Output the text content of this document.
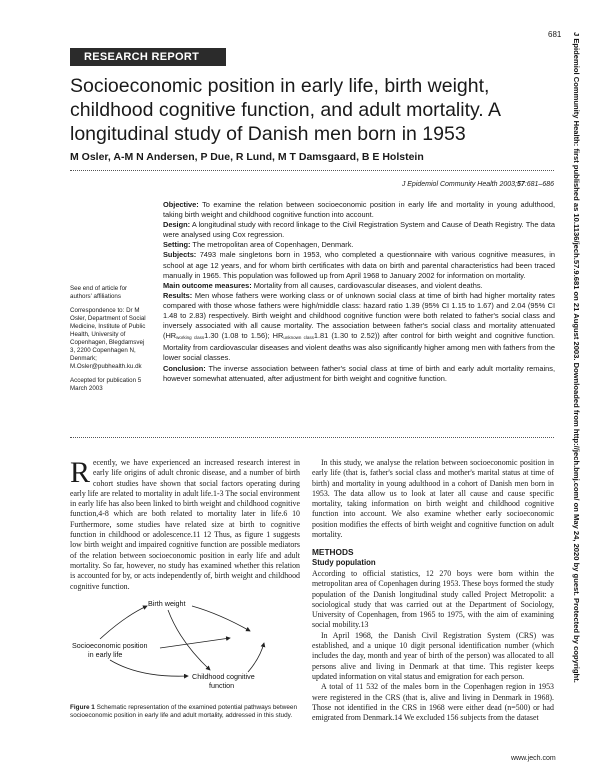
681
RESEARCH REPORT
Socioeconomic position in early life, birth weight, childhood cognitive function, and adult mortality. A longitudinal study of Danish men born in 1953
M Osler, A-M N Andersen, P Due, R Lund, M T Damsgaard, B E Holstein
J Epidemiol Community Health 2003;57:681–686

Objective: To examine the relation between socioeconomic position in early life and mortality in young adulthood, taking birth weight and childhood cognitive function into account.

Design: A longitudinal study with record linkage to the Civil Registration System and Cause of Death Registry. The data were analysed using Cox regression.

Setting: The metropolitan area of Copenhagen, Denmark.

Subjects: 7493 male singletons born in 1953, who completed a questionnaire with various cognitive measures, in school at age 12 years, and for whom birth certificates with data on birth and parental characteristics had been traced manually in 1965. This population was followed up from April 1968 to January 2002 for information on mortality.

Main outcome measures: Mortality from all causes, cardiovascular diseases, and violent deaths.

Results: Men whose fathers were working class or of unknown social class at time of birth had higher mortality rates compared with those whose fathers were high/middle class: hazard ratio 1.39 (95% CI 1.15 to 1.67) and 2.04 (95% CI 1.48 to 2.83) respectively. Birth weight and childhood cognitive function were both related to father's social class and inversely associated with all cause mortality. The association between father's social class and mortality attenuated ($HR_{working class}1.30$ (1.08 to 1.56); $HR_{unknown class}1.81$ (1.30 to 2.52)) after control for birth weight and cognitive function. Mortality from cardiovascular diseases and violent deaths was also significantly higher among men with fathers from the lower social classes.

Conclusion: The inverse association between father's social class at time of birth and early adult mortality remains, however somewhat attenuated, after adjustment for birth weight and cognitive function.

See end of article for authors' affiliations

Correspondence to: Dr M Osler, Department of Social Medicine, Institute of Public Health, University of Copenhagen, Blegdamsvej 3, 2200 Copenhagen N, Denmark; M.Osler@pubhealth.ku.dk

Accepted for publication 5 March 2003

Recently, we have experienced an increased research interest in early life origins of adult chronic disease, and a number of birth cohort studies have shown that social factors operating during early life are related to mortality in adult life.1-3 The social environment in early life has also been linked to birth weight and childhood cognitive function,4-8 which are both related to mortality later in life.6 10 Furthermore, some studies have related size at birth to cognitive function in childhood or adolescence.11 12 Thus, as figure 1 suggests low birth weight and impaired cognitive function are possible mediators of the relation between socioeconomic position in early life and adult mortality. So far, however, no study has examined whether this relation is accounted for by, or acts independently of, birth weight and childhood cognitive function.

Birth weight
Socioeconomic position
in early life
Childhood cognitive
function
Figure 1 Schematic representation of the examined potential pathways between socioeconomic position in early life and adult mortality, addressed in this study.

In this study, we analyse the relation between socioeconomic position in early life (that is, father's social class and mother's marital status at time of birth) and mortality in young adulthood in a cohort of Danish men born in 1953. The data allow us to look at later all cause and cause specific mortality, taking information on birth weight and childhood cognitive function into account. We also examine whether early socioeconomic position modifies the effects of birth weight and cognitive function on adult mortality.

METHODS
Study population

According to official statistics, 12 270 boys were born within the metropolitan area of Copenhagen during 1953. These boys formed the study population of the Danish longitudinal study called Project Metropolit: a sociological study that was carried out at the Department of Sociology, University of Copenhagen, from 1965 to 1975, with the aim of examining social mobility.13

In April 1968, the Danish Civil Registration System (CRS) was established, and a unique 10 digit personal identification number (which includes the day, month and year of birth of the person) was allocated to all persons alive and living in Denmark at that time. This register keeps updated information on vital status and emigration for each person.

A total of 11 532 of the males born in the Copenhagen region in 1953 were registered in the CRS (that is, alive and living in Denmark in 1968). Those not identified in the CRS in 1968 were either dead (n=500) or had emigrated from Denmark.14 We excluded 156 subjects from the dataset

www.jech.com
J Epidemiol Community Health: first published as 10.1136/jech.57.9.681 on 21 August 2003. Downloaded from http://jech.bmj.com/ on May 24, 2020 by guest. Protected by copyright.
